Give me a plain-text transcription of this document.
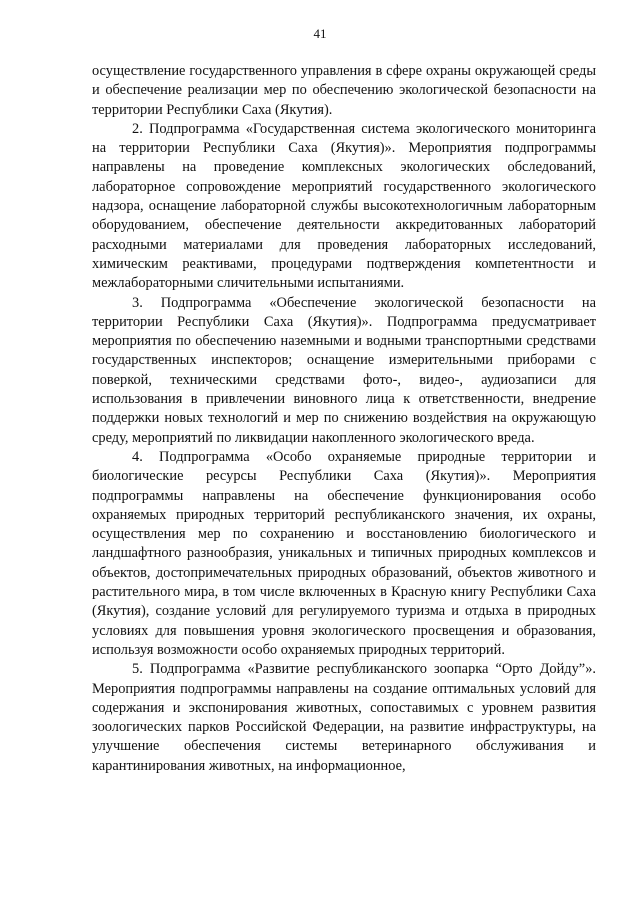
41

осуществление государственного управления в сфере охраны окружающей среды и обеспечение реализации мер по обеспечению экологической безопасности на территории Республики Саха (Якутия).

2. Подпрограмма «Государственная система экологического мониторинга на территории Республики Саха (Якутия)». Мероприятия подпрограммы направлены на проведение комплексных экологических обследований, лабораторное сопровождение мероприятий государственного экологического надзора, оснащение лабораторной службы высокотехнологичным лабораторным оборудованием, обеспечение деятельности аккредитованных лабораторий расходными материалами для проведения лабораторных исследований, химическим реактивами, процедурами подтверждения компетентности и межлабораторными сличительными испытаниями.

3. Подпрограмма «Обеспечение экологической безопасности на территории Республики Саха (Якутия)». Подпрограмма предусматривает мероприятия по обеспечению наземными и водными транспортными средствами государственных инспекторов; оснащение измерительными приборами с поверкой, техническими средствами фото-, видео-, аудиозаписи для использования в привлечении виновного лица к ответственности, внедрение поддержки новых технологий и мер по снижению воздействия на окружающую среду, мероприятий по ликвидации накопленного экологического вреда.

4. Подпрограмма «Особо охраняемые природные территории и биологические ресурсы Республики Саха (Якутия)». Мероприятия подпрограммы направлены на обеспечение функционирования особо охраняемых природных территорий республиканского значения, их охраны, осуществления мер по сохранению и восстановлению биологического и ландшафтного разнообразия, уникальных и типичных природных комплексов и объектов, достопримечательных природных образований, объектов животного и растительного мира, в том числе включенных в Красную книгу Республики Саха (Якутия), создание условий для регулируемого туризма и отдыха в природных условиях для повышения уровня экологического просвещения и образования, используя возможности особо охраняемых природных территорий.

5. Подпрограмма «Развитие республиканского зоопарка “Орто Дойду”». Мероприятия подпрограммы направлены на создание оптимальных условий для содержания и экспонирования животных, сопоставимых с уровнем развития зоологических парков Российской Федерации, на развитие инфраструктуры, на улучшение обеспечения системы ветеринарного обслуживания и карантинирования животных, на информационное,
